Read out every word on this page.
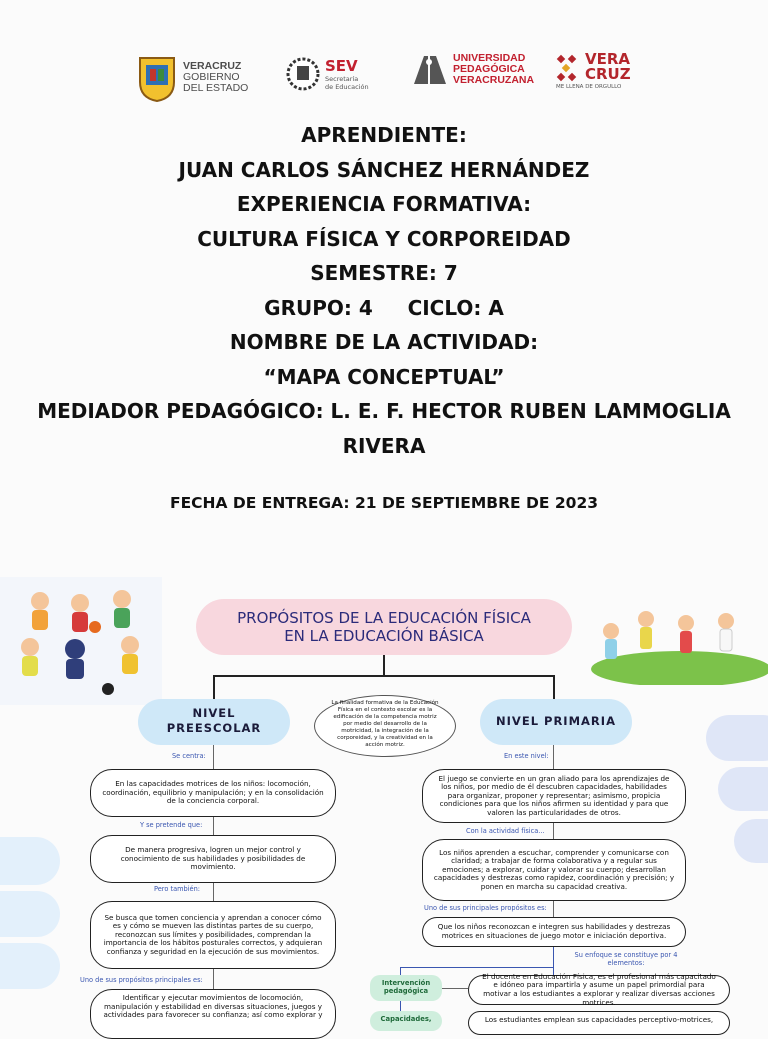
VERACRUZ
GOBIERNO
DEL ESTADO
SEV
Secretaría
de Educación
UNIVERSIDAD
PEDAGÓGICA
VERACRUZANA
VERA
CRUZ
ME LLENA DE ORGULLO
APRENDIENTE:
JUAN CARLOS SÁNCHEZ HERNÁNDEZ
EXPERIENCIA FORMATIVA:
CULTURA FÍSICA Y CORPOREIDAD
SEMESTRE: 7
GRUPO: 4     CICLO: A
NOMBRE DE LA ACTIVIDAD:
“MAPA CONCEPTUAL”
MEDIADOR PEDAGÓGICO: L. E. F. HECTOR RUBEN LAMMOGLIA RIVERA
FECHA DE ENTREGA: 21 DE SEPTIEMBRE DE 2023
PROPÓSITOS DE LA EDUCACIÓN FÍSICA
EN LA EDUCACIÓN BÁSICA
NIVEL
PREESCOLAR	NIVEL PRIMARIA
La finalidad formativa de la Educación Física en el contexto escolar es la edificación de la competencia motriz por medio del desarrollo de la motricidad, la integración de la corporeidad, y la creatividad en la acción motriz.
Se centra:
En las capacidades motrices de los niños: locomoción, coordinación, equilibrio y manipulación; y en la consolidación de la conciencia corporal.
Y se pretende que:
De manera progresiva, logren un mejor control y conocimiento de sus habilidades y posibilidades de movimiento.
Pero también:
Se busca que tomen conciencia y aprendan a conocer cómo es y cómo se mueven las distintas partes de su cuerpo, reconozcan sus límites y posibilidades, comprendan la importancia de los hábitos posturales correctos, y adquieran confianza y seguridad en la ejecución de sus movimientos.
Uno de sus propósitos principales es:
Identificar y ejecutar movimientos de locomoción, manipulación y estabilidad en diversas situaciones, juegos y actividades para favorecer su confianza; así como explorar y
En este nivel:
El juego se convierte en un gran aliado para los aprendizajes de los niños, por medio de él descubren capacidades, habilidades para organizar, proponer y representar; asimismo, propicia condiciones para que los niños afirmen su identidad y para que valoren las particularidades de otros.
Con la actividad física...
Los niños aprenden a escuchar, comprender y comunicarse con claridad; a trabajar de forma colaborativa y a regular sus emociones; a explorar, cuidar y valorar su cuerpo; desarrollan capacidades y destrezas como rapidez, coordinación y precisión; y ponen en marcha su capacidad creativa.
Uno de sus principales propósitos es:
Que los niños reconozcan e integren sus habilidades y destrezas motrices en situaciones de juego motor e iniciación deportiva.
Su enfoque se constituye por 4 elementos:
Intervención pedagógica
El docente en Educación Física, es el profesional más capacitado e idóneo para impartirla y asume un papel primordial para motivar a los estudiantes a explorar y realizar diversas acciones motrices.
Capacidades,	Los estudiantes emplean sus capacidades perceptivo-motrices,
